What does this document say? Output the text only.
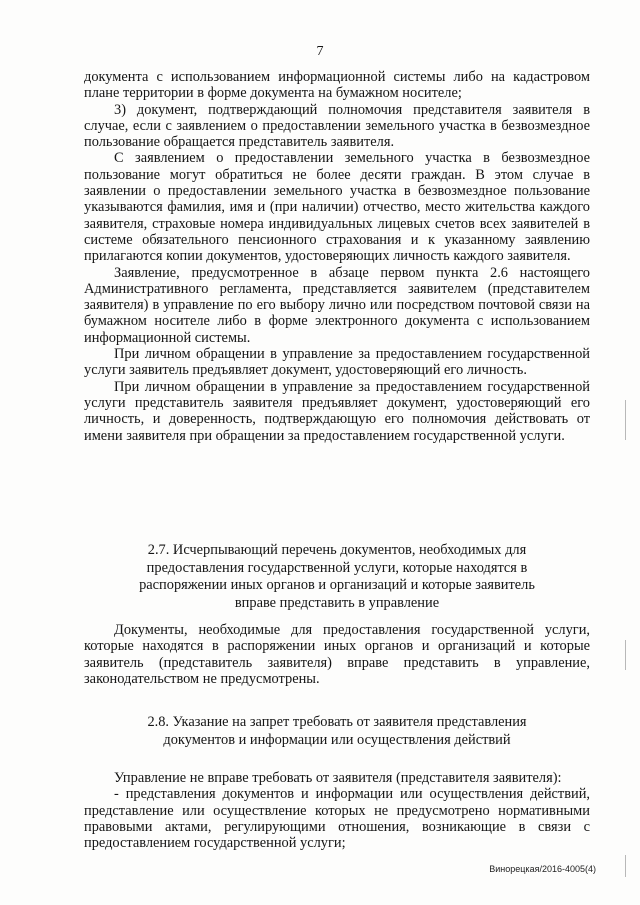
7

документа с использованием информационной системы либо на кадастровом плане территории в форме документа на бумажном носителе;

3) документ, подтверждающий полномочия представителя заявителя в случае, если с заявлением о предоставлении земельного участка в безвозмездное пользование обращается представитель заявителя.

С заявлением о предоставлении земельного участка в безвозмездное пользование могут обратиться не более десяти граждан. В этом случае в заявлении о предоставлении земельного участка в безвозмездное пользование указываются фамилия, имя и (при наличии) отчество, место жительства каждого заявителя, страховые номера индивидуальных лицевых счетов всех заявителей в системе обязательного пенсионного страхования и к указанному заявлению прилагаются копии документов, удостоверяющих личность каждого заявителя.

Заявление, предусмотренное в абзаце первом пункта 2.6 настоящего Административного регламента, представляется заявителем (представителем заявителя) в управление по его выбору лично или посредством почтовой связи на бумажном носителе либо в форме электронного документа с использованием информационной системы.

При личном обращении в управление за предоставлением государственной услуги заявитель предъявляет документ, удостоверяющий его личность.

При личном обращении в управление за предоставлением государственной услуги представитель заявителя предъявляет документ, удостоверяющий его личность, и доверенность, подтверждающую его полномочия действовать от имени заявителя при обращении за предоставлением государственной услуги.

2.7. Исчерпывающий перечень документов, необходимых для
предоставления государственной услуги, которые находятся в
распоряжении иных органов и организаций и которые заявитель
вправе представить в управление

Документы, необходимые для предоставления государственной услуги, которые находятся в распоряжении иных органов и организаций и которые заявитель (представитель заявителя) вправе представить в управление, законодательством не предусмотрены.

2.8. Указание на запрет требовать от заявителя представления
документов и информации или осуществления действий

Управление не вправе требовать от заявителя (представителя заявителя):

- представления документов и информации или осуществления действий, представление или осуществление которых не предусмотрено нормативными правовыми актами, регулирующими отношения, возникающие в связи с предоставлением государственной услуги;

Винорецкая/2016-4005(4)
